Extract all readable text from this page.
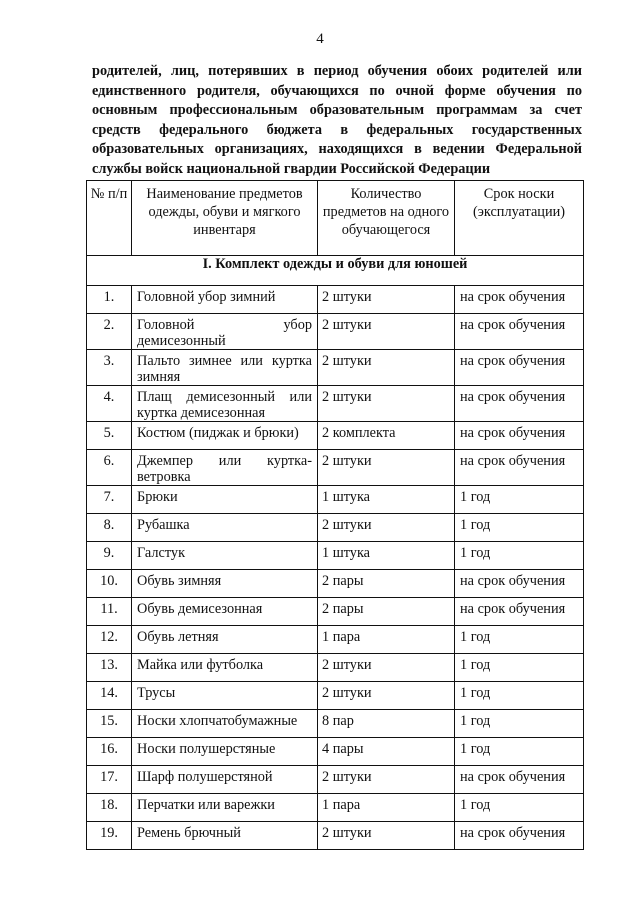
4
родителей, лиц, потерявших в период обучения обоих родителей или единственного родителя, обучающихся по очной форме обучения по основным профессиональным образовательным программам за счет средств федерального бюджета в федеральных государственных образовательных организациях, находящихся в ведении Федеральной службы войск национальной гвардии Российской Федерации
№ п/п	Наименование предметов одежды, обуви и мягкого инвентаря	Количество предметов на одного обучающегося	Срок носки (эксплуатации)
I. Комплект одежды и обуви для юношей			
1.	Головной убор зимний	2 штуки	на срок обучения
2.	Головной убор демисезонный	2 штуки	на срок обучения
3.	Пальто зимнее или куртка зимняя	2 штуки	на срок обучения
4.	Плащ демисезонный или куртка демисезонная	2 штуки	на срок обучения
5.	Костюм (пиджак и брюки)	2 комплекта	на срок обучения
6.	Джемпер или куртка-ветровка	2 штуки	на срок обучения
7.	Брюки	1 штука	1 год
8.	Рубашка	2 штуки	1 год
9.	Галстук	1 штука	1 год
10.	Обувь зимняя	2 пары	на срок обучения
11.	Обувь демисезонная	2 пары	на срок обучения
12.	Обувь летняя	1 пара	1 год
13.	Майка или футболка	2 штуки	1 год
14.	Трусы	2 штуки	1 год
15.	Носки хлопчатобумажные	8 пар	1 год
16.	Носки полушерстяные	4 пары	1 год
17.	Шарф полушерстяной	2 штуки	на срок обучения
18.	Перчатки или варежки	1 пара	1 год
19.	Ремень брючный	2 штуки	на срок обучения
